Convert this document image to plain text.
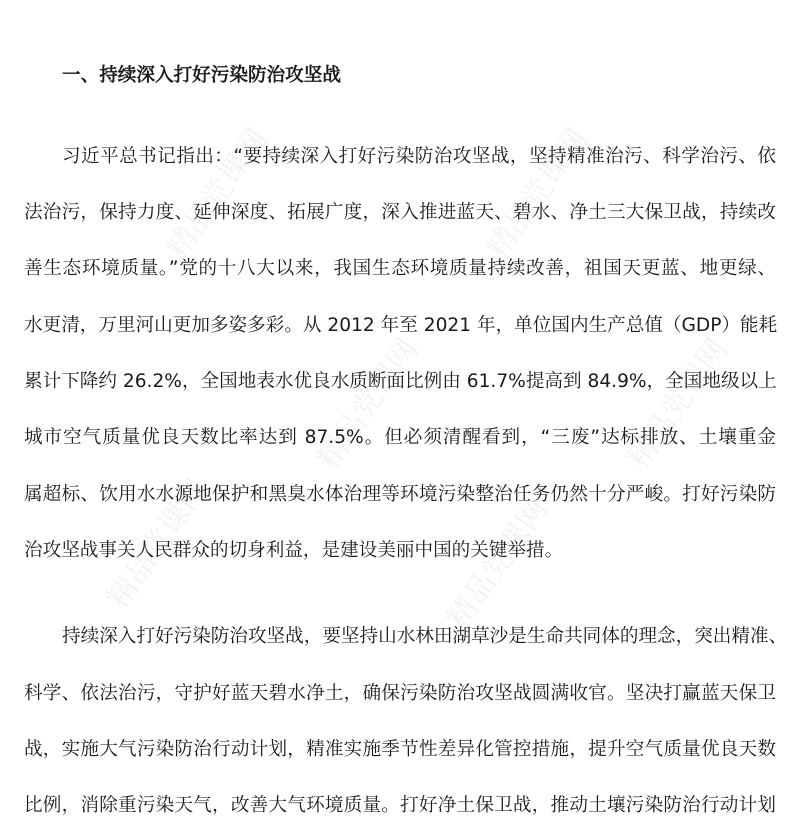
精品党课网	精品党课网
精品党课网	精品党课网
精品党课网	精品党课网
一、持续深入打好污染防治攻坚战
习近平总书记指出：“要持续深入打好污染防治攻坚战，坚持精准治污、科学治污、依
法治污，保持力度、延伸深度、拓展广度，深入推进蓝天、碧水、净土三大保卫战，持续改
善生态环境质量。”党的十八大以来，我国生态环境质量持续改善，祖国天更蓝、地更绿、
水更清，万里河山更加多姿多彩。从 2012 年至 2021 年，单位国内生产总值（GDP）能耗
累计下降约 26.2%，全国地表水优良水质断面比例由 61.7%提高到 84.9%，全国地级以上
城市空气质量优良天数比率达到 87.5%。但必须清醒看到，“三废”达标排放、土壤重金
属超标、饮用水水源地保护和黑臭水体治理等环境污染整治任务仍然十分严峻。打好污染防
治攻坚战事关人民群众的切身利益，是建设美丽中国的关键举措。
持续深入打好污染防治攻坚战，要坚持山水林田湖草沙是生命共同体的理念，突出精准、
科学、依法治污，守护好蓝天碧水净土，确保污染防治攻坚战圆满收官。坚决打赢蓝天保卫
战，实施大气污染防治行动计划，精准实施季节性差异化管控措施，提升空气质量优良天数
比例，消除重污染天气，改善大气环境质量。打好净土保卫战，推动土壤污染防治行动计划
